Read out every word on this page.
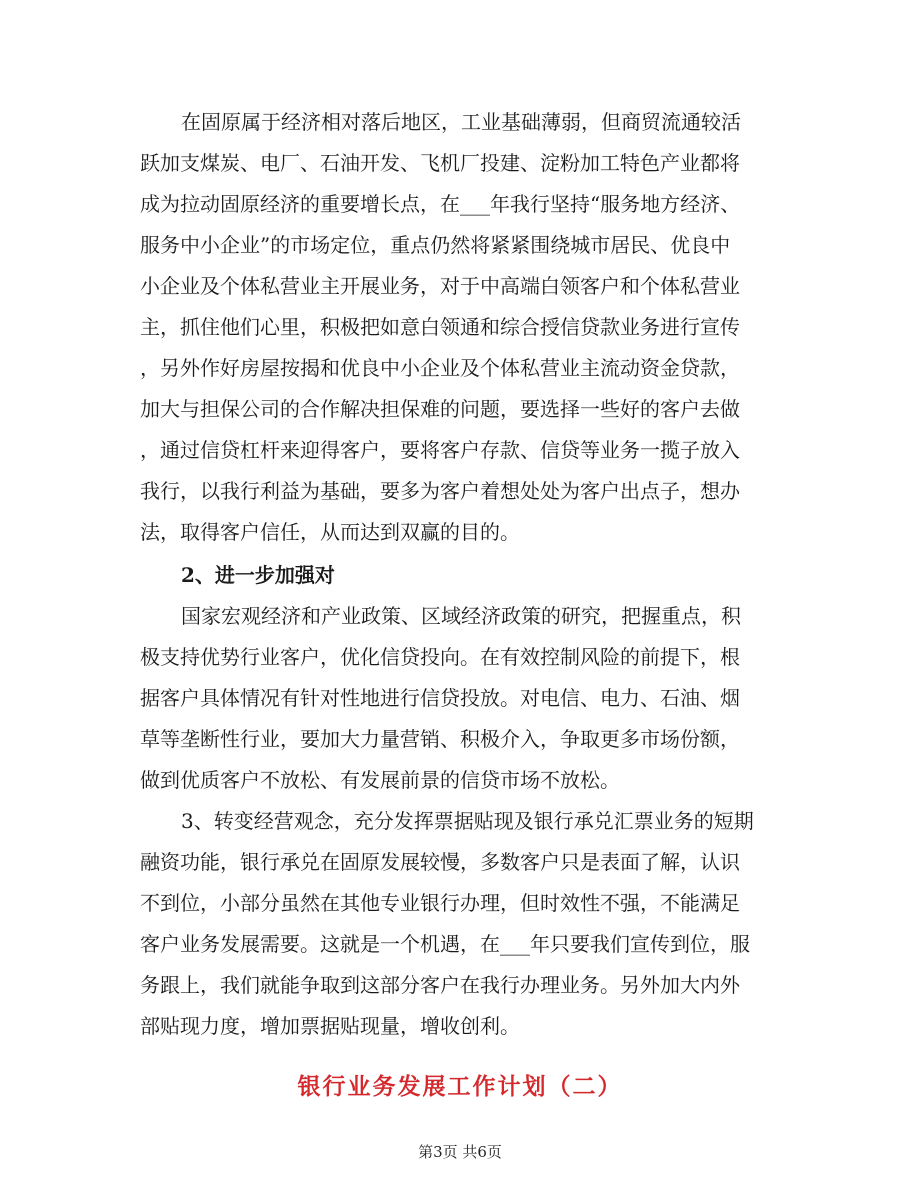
在固原属于经济相对落后地区，工业基础薄弱，但商贸流通较活
跃加支煤炭、电厂、石油开发、飞机厂投建、淀粉加工特色产业都将
成为拉动固原经济的重要增长点，在___年我行坚持“服务地方经济、
服务中小企业”的市场定位，重点仍然将紧紧围绕城市居民、优良中
小企业及个体私营业主开展业务，对于中高端白领客户和个体私营业
主，抓住他们心里，积极把如意白领通和综合授信贷款业务进行宣传
，另外作好房屋按揭和优良中小企业及个体私营业主流动资金贷款，
加大与担保公司的合作解决担保难的问题，要选择一些好的客户去做
，通过信贷杠杆来迎得客户，要将客户存款、信贷等业务一揽子放入
我行，以我行利益为基础，要多为客户着想处处为客户出点子，想办
法，取得客户信任，从而达到双赢的目的。
2、进一步加强对
国家宏观经济和产业政策、区域经济政策的研究，把握重点，积
极支持优势行业客户，优化信贷投向。在有效控制风险的前提下，根
据客户具体情况有针对性地进行信贷投放。对电信、电力、石油、烟
草等垄断性行业，要加大力量营销、积极介入，争取更多市场份额，
做到优质客户不放松、有发展前景的信贷市场不放松。
3、转变经营观念，充分发挥票据贴现及银行承兑汇票业务的短期
融资功能，银行承兑在固原发展较慢，多数客户只是表面了解，认识
不到位，小部分虽然在其他专业银行办理，但时效性不强，不能满足
客户业务发展需要。这就是一个机遇，在___年只要我们宣传到位，服
务跟上，我们就能争取到这部分客户在我行办理业务。另外加大内外
部贴现力度，增加票据贴现量，增收创利。
银行业务发展工作计划（二）
第3页 共6页
